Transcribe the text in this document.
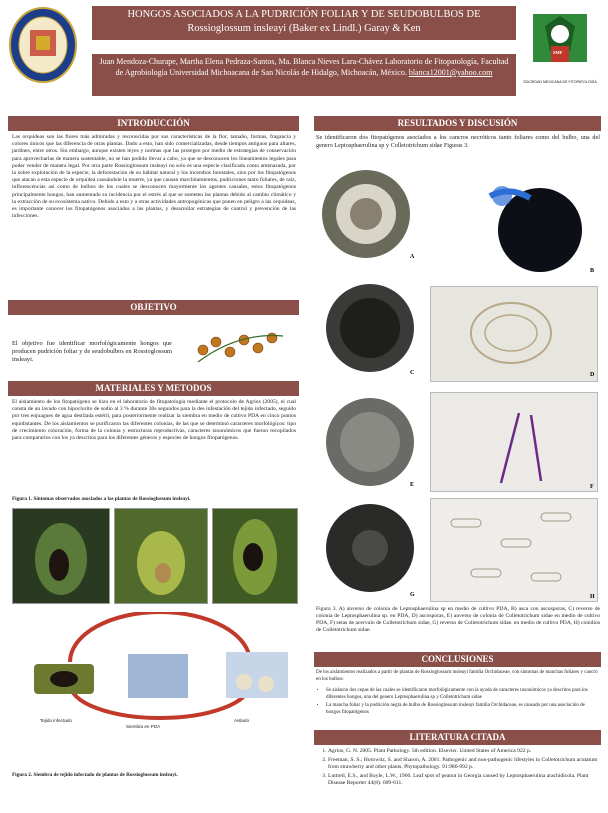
HONGOS ASOCIADOS A LA PUDRICIÓN FOLIAR Y DE SEUDOBULBOS DE Rossioglossum insleayi (Baker ex Lindl.) Garay & Ken
Juan Mendoza-Churape, Martha Elena Pedraza-Santos, Ma. Blanca Nieves Lara-Chávez Laboratorio de Fitopatología, Facultad de Agrobiología Universidad Michoacana de San Nicolás de Hidalgo, Michoacán, México. blanca12001@yahoo.com
SMF
SOCIEDAD MEXICANA DE FITOPATOLOGÍA
INTRODUCCIÓN
Las orquídeas son las flores más admiradas y reconocidas por sus características de la flor, tamaño, formas, fragancia y colores únicos que las diferencia de otras plantas. Dado a esto, han sido comercializadas, desde tiempos antiguos para altares, jardines, entre otros. Sin embargo, aunque existen leyes y normas que las protegen por medio de estrategias de conservación para aprovecharlas de manera sustentable, no se han podido llevar a cabo, ya que se desconocen los lineamientos legales para poder vender de manera legal. Por otra parte Rossioglossum insleayi no solo es una especie clasificada como amenazada, por la sobre explotación de la especie, la deforestación de su hábitat natural y los incendios forestales, sino por los fitopatógenos que atacan a esta especie de orquídea causándole la muerte, ya que causan marchitamientos, pudriciones tanto foliares, de raíz, inflorescencias así como de bulbos de los cuales se desconocen mayormente los agentes causales, estos fitopatógenos principalmente hongos, han aumentado su incidencia por el estrés al que se someten las plantas debido al cambio climático y la extracción de su ecosistema nativo. Debido a esto y a otras actividades antropogénicas que ponen en peligro a las orquídeas, es importante conocer los fitopatógenos asociados a las plantas, y desarrollar estrategias de control y prevención de las infecciones.
OBJETIVO
El objetivo fue identificar morfológicamente hongos que producen pudrición foliar y de seudobulbos en Rossioglossum insleayi.
MATERIALES Y METODOS
El aislamiento de los fitopatógeno se hizo en el laboratorio de fitopatología mediante el protocolo de Agrios (2005), el cual consta de un lavado con hipoclorito de sodio al 3 % durante 30s segundos para la des infestación del tejido infectado, seguido por tres enjuagues de agua destilada estéril, para posteriormente realizar la siembra en medio de cultivo PDA en cinco puntos equidistantes. De los aislamientos se purificaron las diferentes colonias, de las que se determinó caracteres morfológicos: tipo de crecimiento coloración, forma de la colonia y estructuras reproductivas, caracteres taxonómicos que fueron recopilados para compararlos con los ya descritos para los diferentes géneros y especies de hongos fitopatógenos.
Figura 1. Síntomas observados asociados a las plantas de Rossioglossum insleayi.
Tejido infectado
Siembra en PDA
Aislado
Figura 2. Siembra de tejido infectado de plantas de Rossioglossum insleayi.
RESULTADOS Y DISCUSIÓN
Se identificaron dos fitopatógenos asociados a los cancros necróticos tanto foliares como del bulbo, una del genero Leptosphaerulina sp y Colletotrichum sidae Figuras 3.
A
B
C	D
E	F
G	H
Figura 3. A) anverso de colonia de Leptosphaerulina sp en medio de cultivo PDA, B) asca con ascosporas, C) reverso de colonia de Leptosphaerulina sp. en PDA, D) ascosporas, E) anverso de colonia de Colletotrichum sidae en medio de cultivo PDA, F) setas de acervulo de Colletotrichum sidae, G) reverso de Colletotrichum sidae. en medio de cultivo PDA, H) conidios de Colletotrichum sidae.
CONCLUSIONES
De los aislamientos realizados a partir de plantas de Rossioglossum insleayi familia Orchidaceae, con síntomas de manchas foliares y cancro en los bulbos:
• Se aislaron dos cepas de las cuales se identificaron morfológicamente con la ayuda de caracteres taxonómicos ya descritos para los diferentes hongos, una del genero Leptosphaerulina sp y Colletotrichum sidae
• La mancha foliar y la pudrición negra de bulbo de Rossioglossum insleayi familia Orchidaceae, es causado por una asociación de hongos fitopatógenos
LITERATURA CITADA
1. Agrios, G. N. 2005. Plant Pathology. 5th edition. Elsevier. United States of America 922 p.
2. Freeman, S. S.; Horowitz, S. and Sharon, A. 2001. Pathogenic and non-pathogenic lifestyles in Colletotrichum acutatum from strawberry and other plants. Phytopathology. 91:986-992 p.
3. Luttrell, E.S., and Boyle, L.W., 1960. Leaf spot of peanut in Georgia caused by Leptosphaerulina arachidicola. Plant Disease Reporter 44(8): 609-611.
